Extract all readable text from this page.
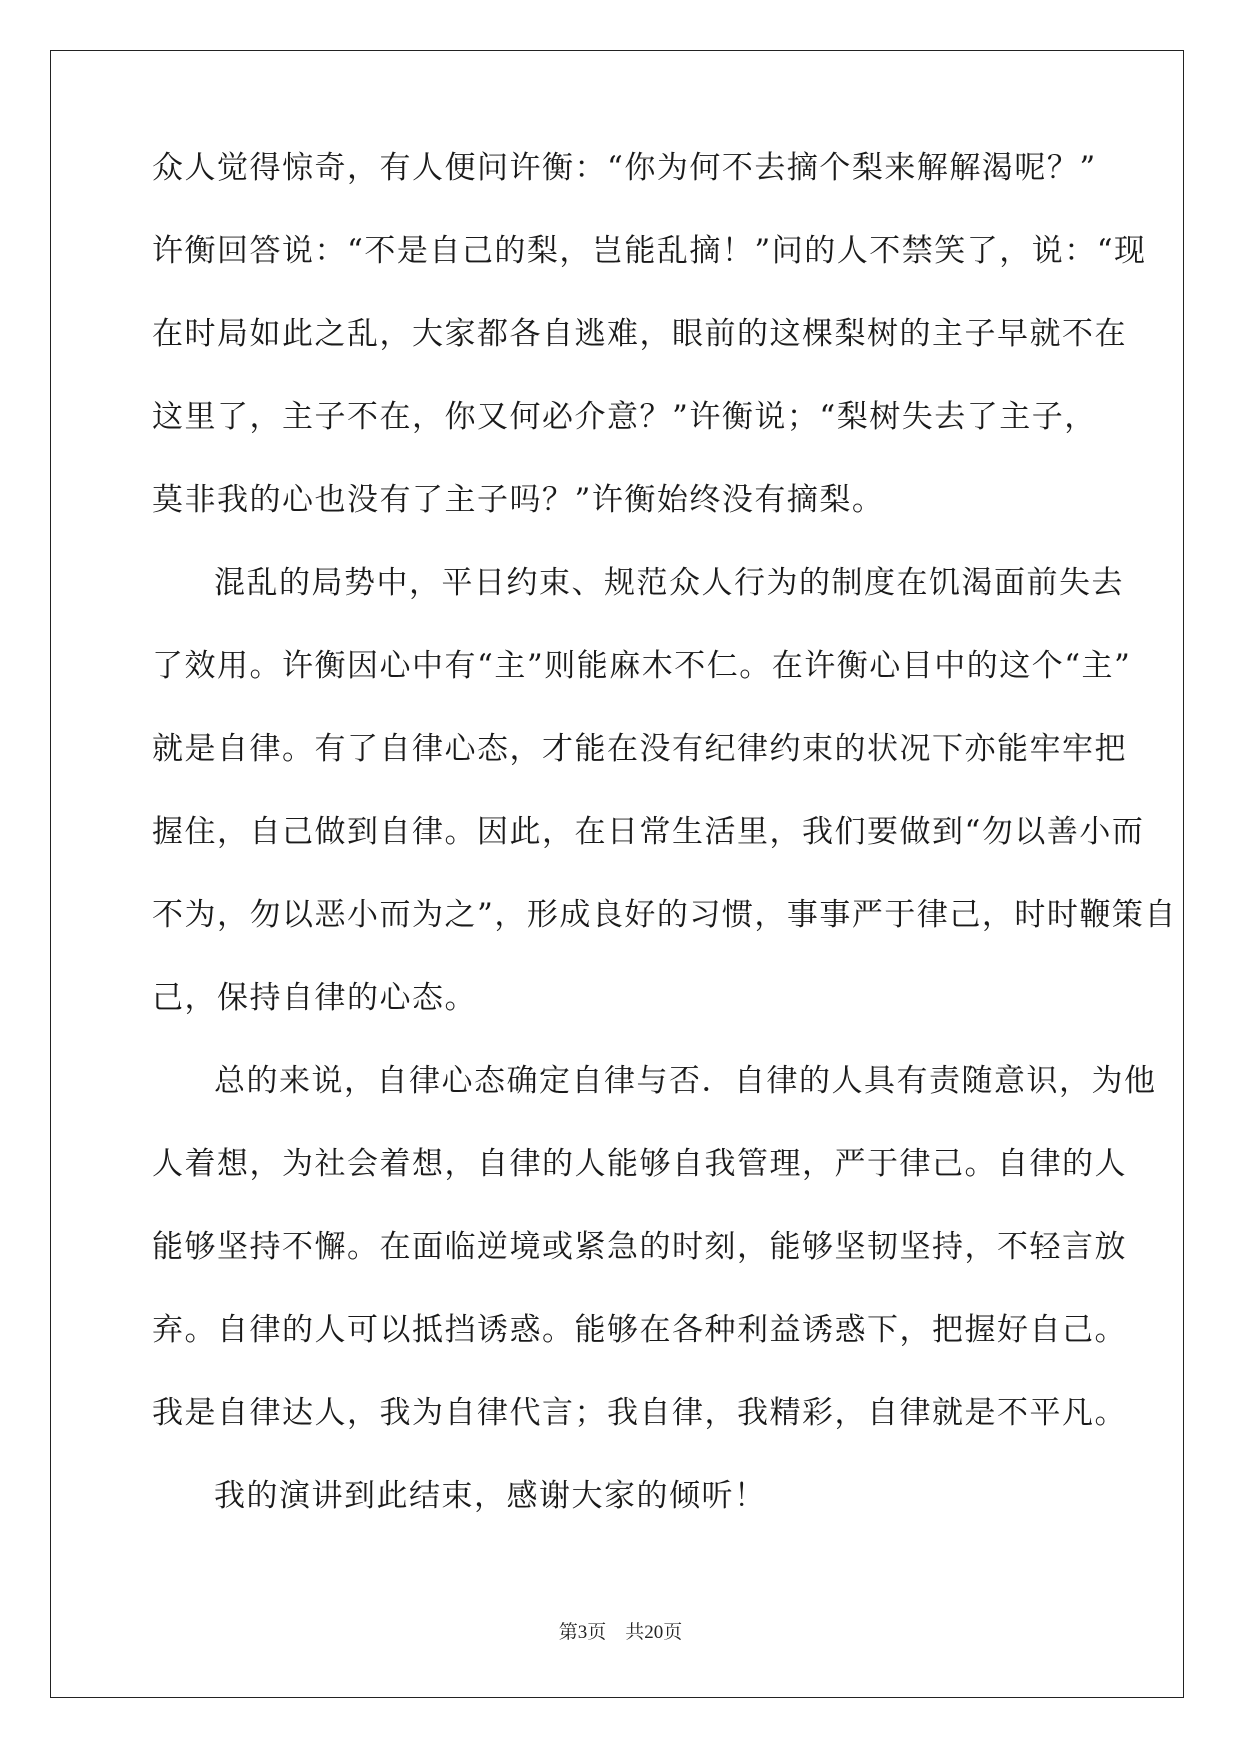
众人觉得惊奇，有人便问许衡：“你为何不去摘个梨来解解渴呢？”
许衡回答说：“不是自己的梨，岂能乱摘！”问的人不禁笑了，说：“现
在时局如此之乱，大家都各自逃难，眼前的这棵梨树的主子早就不在
这里了，主子不在，你又何必介意？”许衡说；“梨树失去了主子，
莫非我的心也没有了主子吗？”许衡始终没有摘梨。
混乱的局势中，平日约束、规范众人行为的制度在饥渴面前失去
了效用。许衡因心中有“主”则能麻木不仁。在许衡心目中的这个“主”
就是自律。有了自律心态，才能在没有纪律约束的状况下亦能牢牢把
握住，自己做到自律。因此，在日常生活里，我们要做到“勿以善小而
不为，勿以恶小而为之”，形成良好的习惯，事事严于律己，时时鞭策自
己，保持自律的心态。
总的来说，自律心态确定自律与否．自律的人具有责随意识，为他
人着想，为社会着想，自律的人能够自我管理，严于律己。自律的人
能够坚持不懈。在面临逆境或紧急的时刻，能够坚韧坚持，不轻言放
弃。自律的人可以抵挡诱惑。能够在各种利益诱惑下，把握好自己。
我是自律达人，我为自律代言；我自律，我精彩，自律就是不平凡。
我的演讲到此结束，感谢大家的倾听！
第3页　共20页
